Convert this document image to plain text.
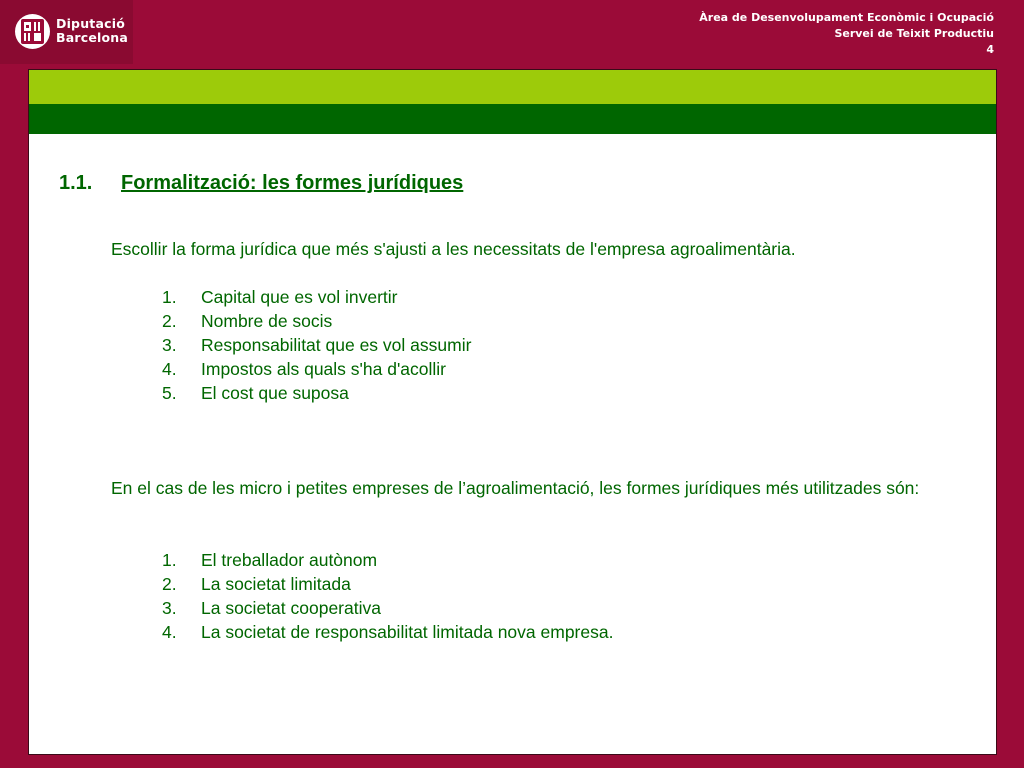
Diputació
Barcelona
Àrea de Desenvolupament Econòmic i Ocupació
Servei de Teixit Productiu
4
1.1. Formalització: les formes jurídiques
Escollir la forma jurídica que més s'ajusti a les necessitats de l'empresa agroalimentària.
1. Capital que es vol invertir
2. Nombre de socis
3. Responsabilitat que es vol assumir
4. Impostos als quals s'ha d'acollir
5. El cost que suposa
En el cas de les micro i petites empreses de l’agroalimentació, les formes jurídiques més utilitzades són:
1. El treballador autònom
2. La societat limitada
3. La societat cooperativa
4. La societat de responsabilitat limitada nova empresa.
